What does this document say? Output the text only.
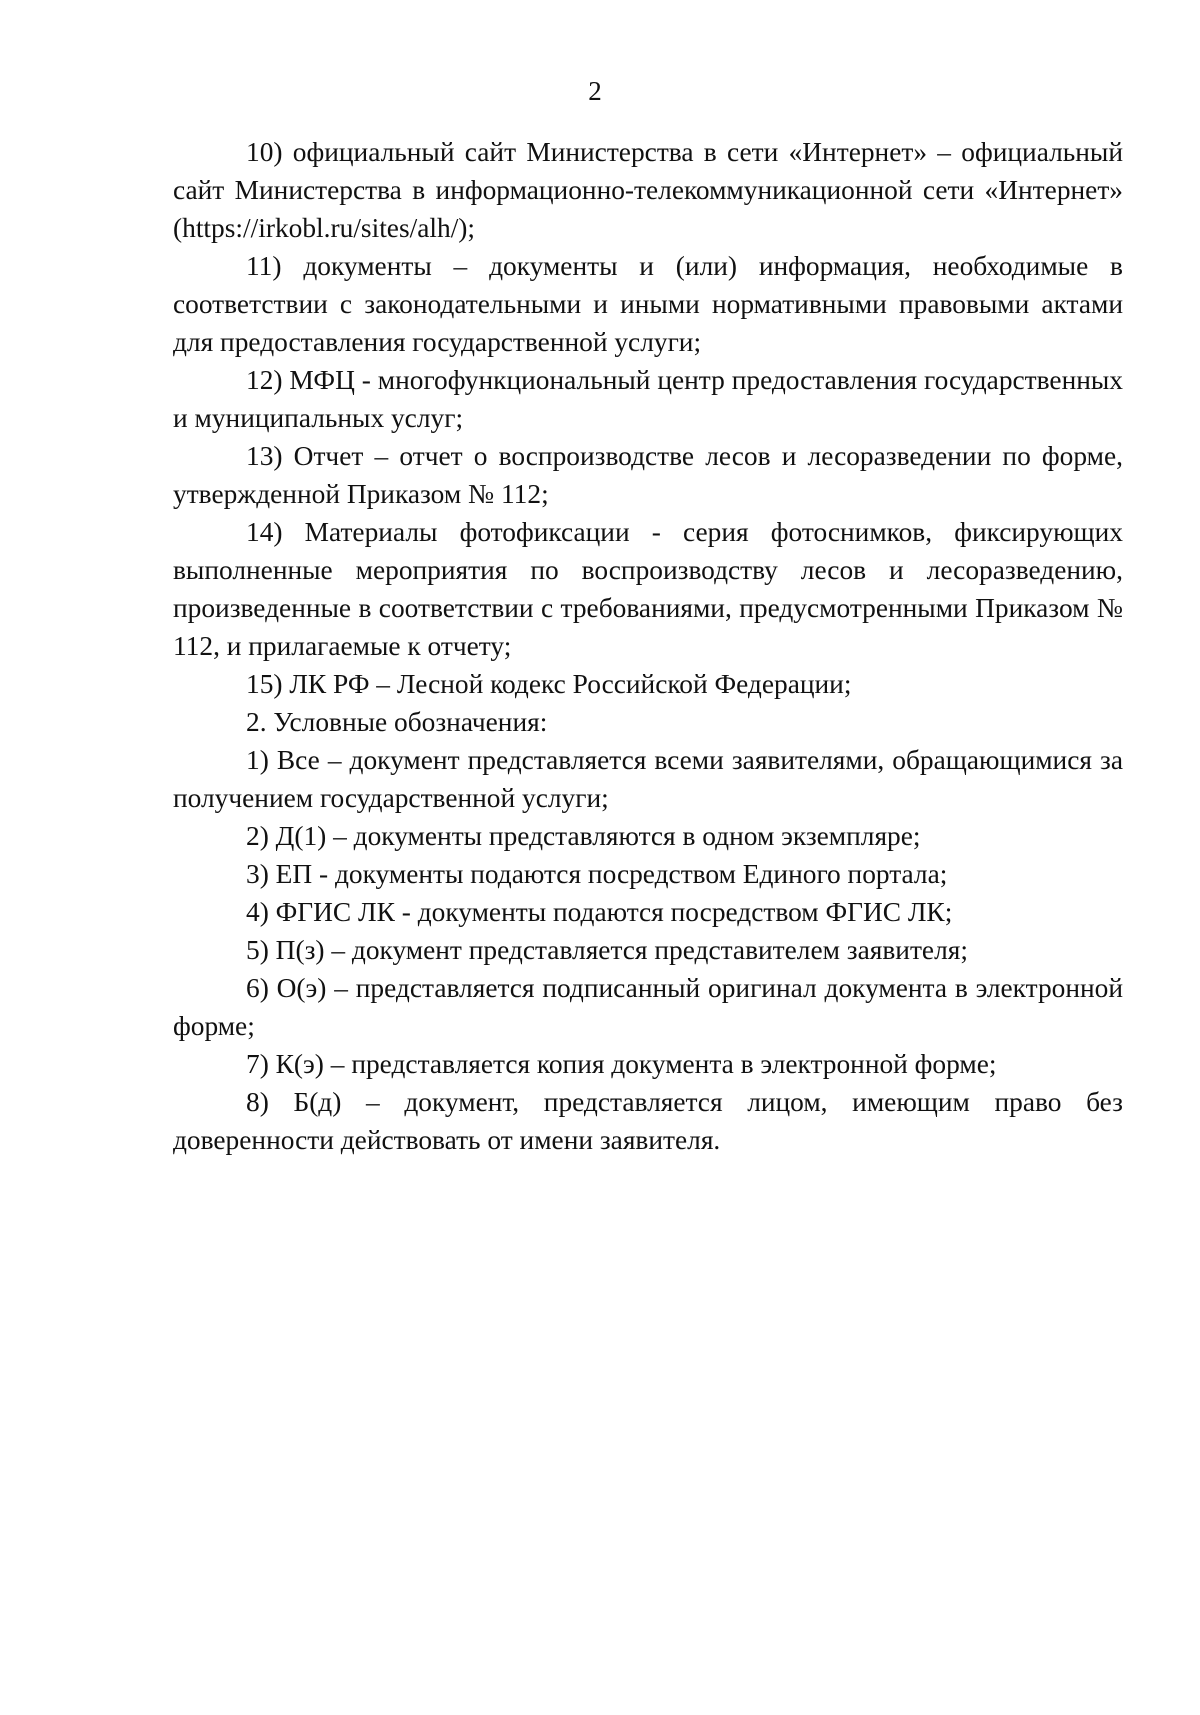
2

10) официальный сайт Министерства в сети «Интернет» – официальный сайт Министерства в информационно-телекоммуникационной сети «Интернет» (https://irkobl.ru/sites/alh/);

11) документы – документы и (или) информация, необходимые в соответствии с законодательными и иными нормативными правовыми актами для предоставления государственной услуги;

12) МФЦ - многофункциональный центр предоставления государственных и муниципальных услуг;

13) Отчет – отчет о воспроизводстве лесов и лесоразведении по форме, утвержденной Приказом № 112;

14) Материалы фотофиксации - серия фотоснимков, фиксирующих выполненные мероприятия по воспроизводству лесов и лесоразведению, произведенные в соответствии с требованиями, предусмотренными Приказом № 112, и прилагаемые к отчету;

15) ЛК РФ – Лесной кодекс Российской Федерации;

2. Условные обозначения:

1) Все – документ представляется всеми заявителями, обращающимися за получением государственной услуги;

2) Д(1) – документы представляются в одном экземпляре;

3) ЕП - документы подаются посредством Единого портала;

4) ФГИС ЛК - документы подаются посредством ФГИС ЛК;

5) П(з) – документ представляется представителем заявителя;

6) О(э) – представляется подписанный оригинал документа в электронной форме;

7) К(э) – представляется копия документа в электронной форме;

8) Б(д) – документ, представляется лицом, имеющим право без доверенности действовать от имени заявителя.
